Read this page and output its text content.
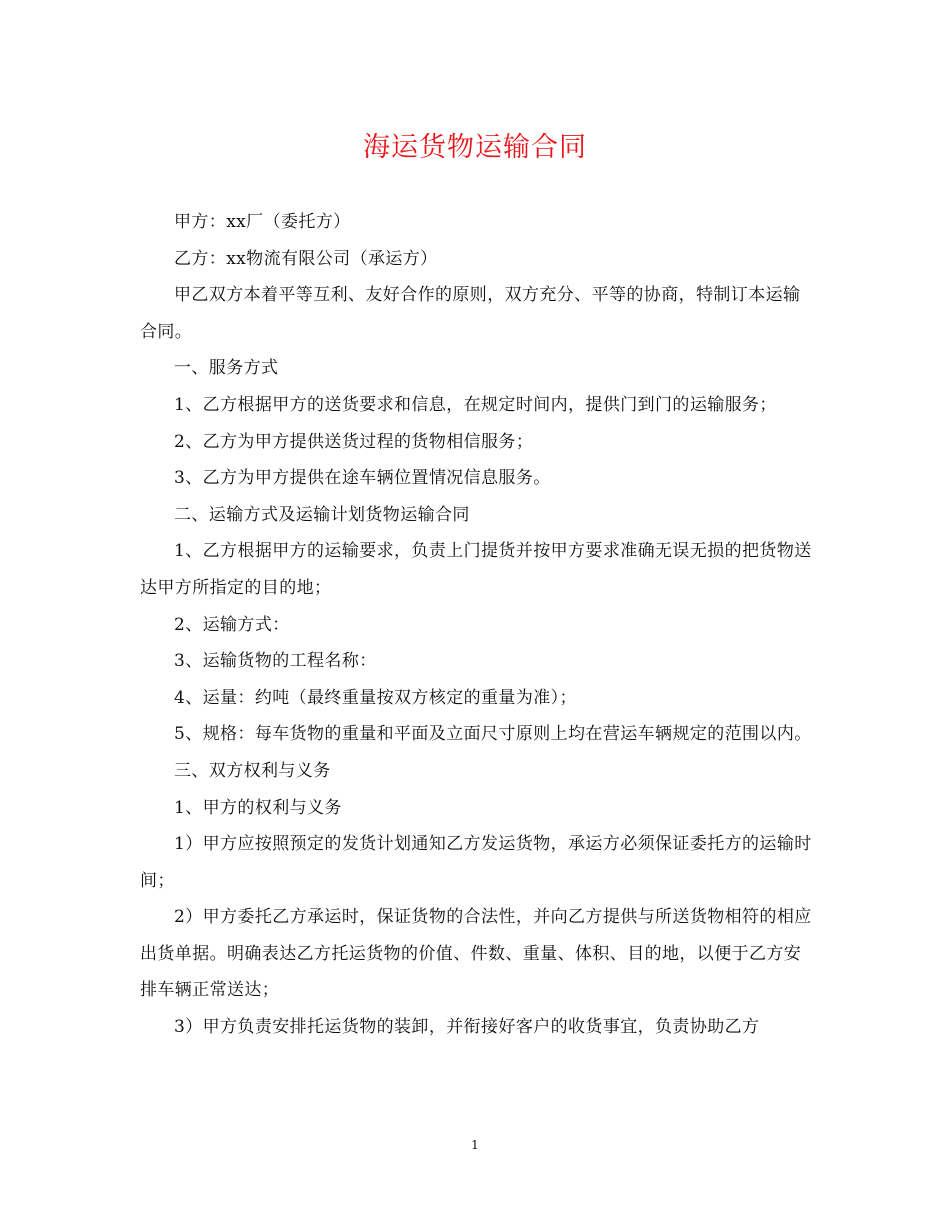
海运货物运输合同

甲方：xx厂（委托方）

乙方：xx物流有限公司（承运方）

甲乙双方本着平等互利、友好合作的原则，双方充分、平等的协商，特制订本运输合同。

一、服务方式

1、乙方根据甲方的送货要求和信息，在规定时间内，提供门到门的运输服务；

2、乙方为甲方提供送货过程的货物相信服务；

3、乙方为甲方提供在途车辆位置情况信息服务。

二、运输方式及运输计划货物运输合同

1、乙方根据甲方的运输要求，负责上门提货并按甲方要求准确无误无损的把货物送达甲方所指定的目的地；

2、运输方式：

3、运输货物的工程名称：

4、运量：约吨（最终重量按双方核定的重量为准）；

5、规格：每车货物的重量和平面及立面尺寸原则上均在营运车辆规定的范围以内。

三、双方权利与义务

1、甲方的权利与义务

1）甲方应按照预定的发货计划通知乙方发运货物，承运方必须保证委托方的运输时间；

2）甲方委托乙方承运时，保证货物的合法性，并向乙方提供与所送货物相符的相应出货单据。明确表达乙方托运货物的价值、件数、重量、体积、目的地，以便于乙方安排车辆正常送达；

3）甲方负责安排托运货物的装卸，并衔接好客户的收货事宜，负责协助乙方

1
